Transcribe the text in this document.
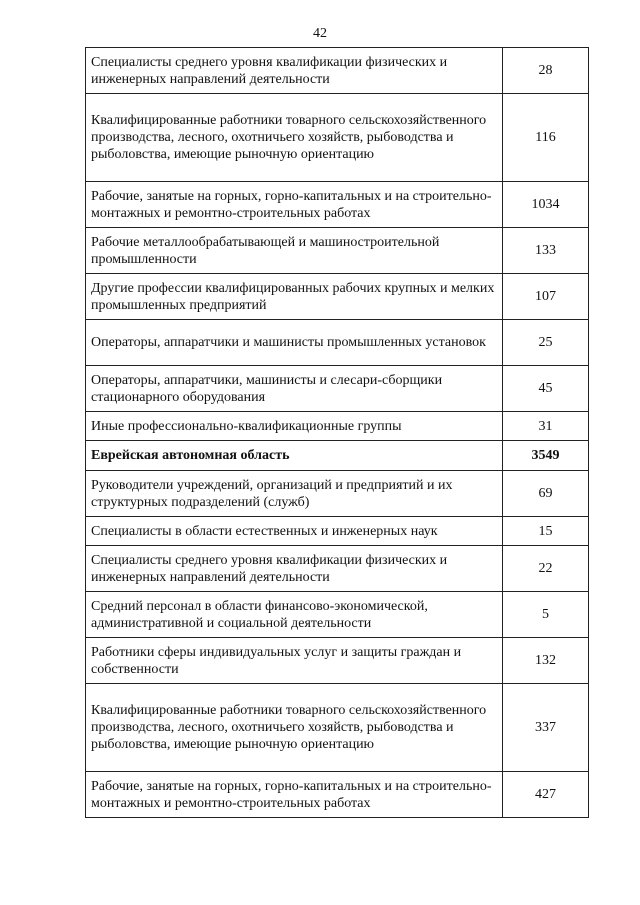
42
Специалисты среднего уровня квалификации физических и инженерных направлений деятельности	28
Квалифицированные работники товарного сельскохозяйственного производства, лесного, охотничьего хозяйств, рыбоводства и рыболовства, имеющие рыночную ориентацию	116
Рабочие, занятые на горных, горно-капитальных и на строительно-монтажных и ремонтно-строительных работах	1034
Рабочие металлообрабатывающей и машиностроительной промышленности	133
Другие профессии квалифицированных рабочих крупных и мелких промышленных предприятий	107
Операторы, аппаратчики и машинисты промышленных установок	25
Операторы, аппаратчики, машинисты и слесари-сборщики стационарного оборудования	45
Иные профессионально-квалификационные группы	31
Еврейская автономная область	3549
Руководители учреждений, организаций и предприятий и их структурных подразделений (служб)	69
Специалисты в области естественных и инженерных наук	15
Специалисты среднего уровня квалификации физических и инженерных направлений деятельности	22
Средний персонал в области финансово-экономической, административной и социальной деятельности	5
Работники сферы индивидуальных услуг и защиты граждан и собственности	132
Квалифицированные работники товарного сельскохозяйственного производства, лесного, охотничьего хозяйств, рыбоводства и рыболовства, имеющие рыночную ориентацию	337
Рабочие, занятые на горных, горно-капитальных и на строительно-монтажных и ремонтно-строительных работах	427
